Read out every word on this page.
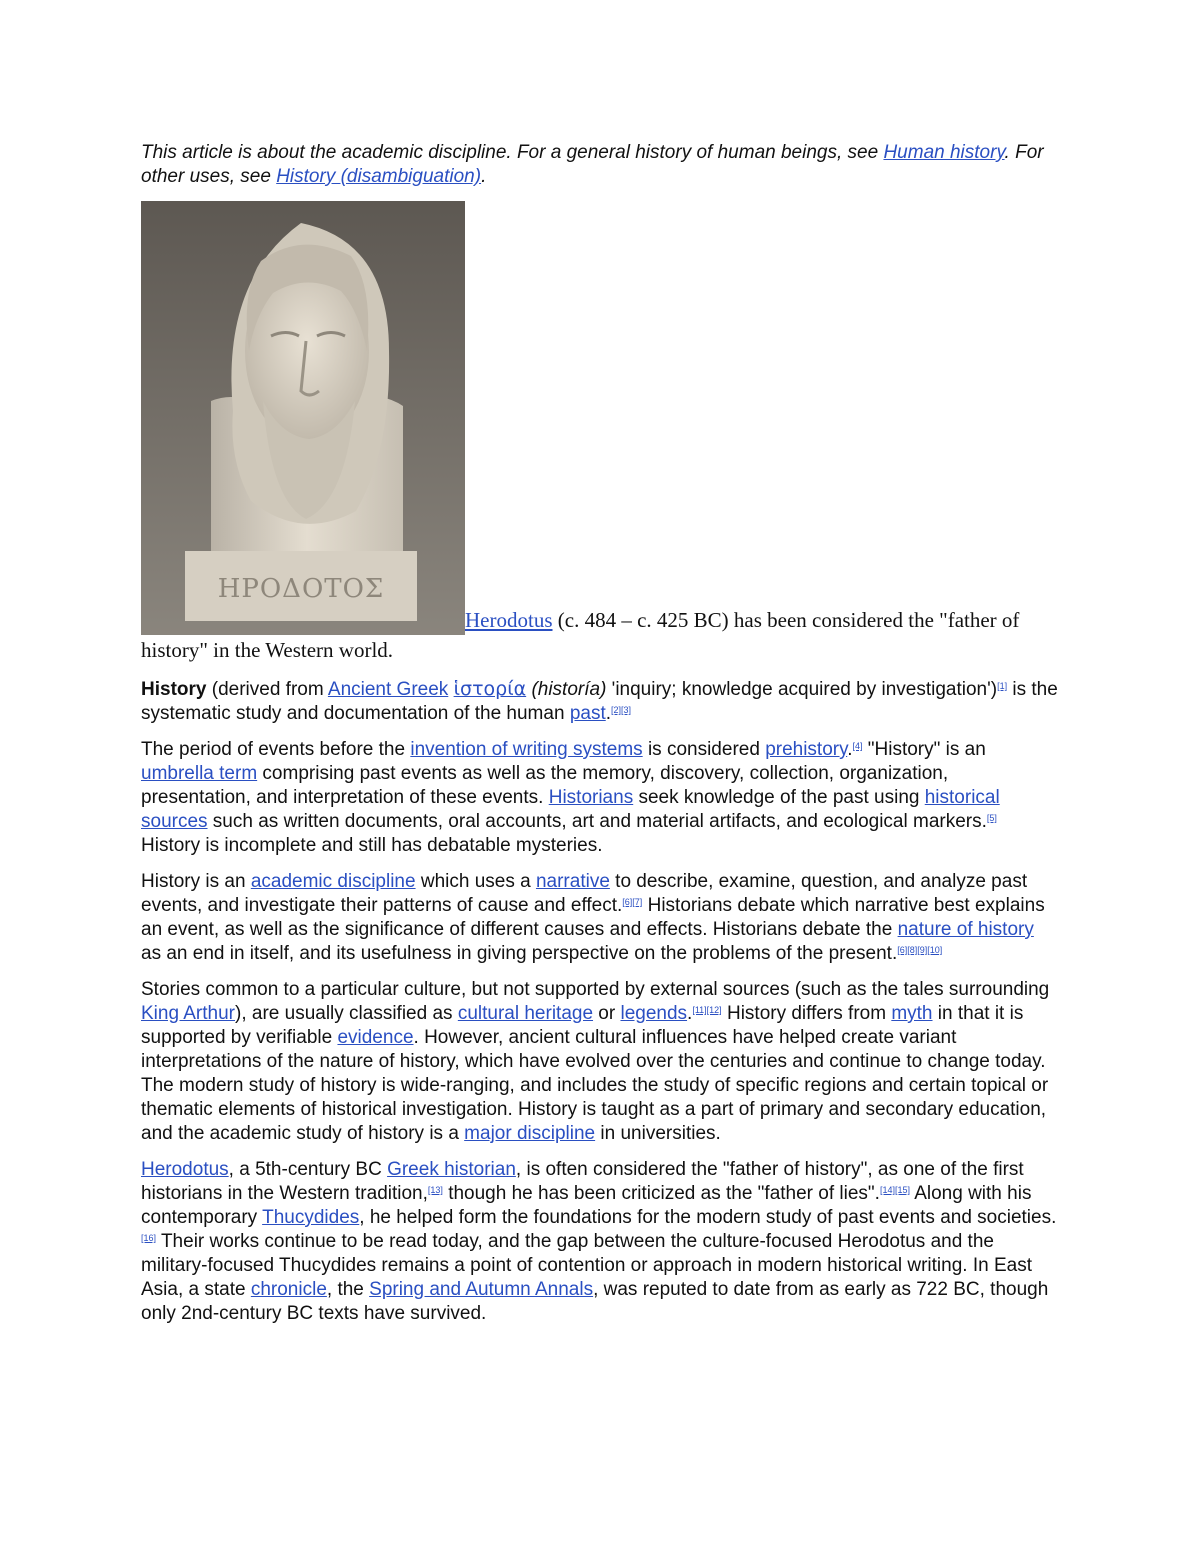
This article is about the academic discipline. For a general history of human beings, see Human history. For other uses, see History (disambiguation).
ΗΡΟΔΟΤΟΣ
Herodotus (c. 484 – c. 425 BC) has been considered the "father of history" in the Western world.

History (derived from Ancient Greek ἱστορία (historía) 'inquiry; knowledge acquired by investigation')[1] is the systematic study and documentation of the human past.[2][3]

The period of events before the invention of writing systems is considered prehistory.[4] "History" is an umbrella term comprising past events as well as the memory, discovery, collection, organization, presentation, and interpretation of these events. Historians seek knowledge of the past using historical sources such as written documents, oral accounts, art and material artifacts, and ecological markers.[5] History is incomplete and still has debatable mysteries.

History is an academic discipline which uses a narrative to describe, examine, question, and analyze past events, and investigate their patterns of cause and effect.[6][7] Historians debate which narrative best explains an event, as well as the significance of different causes and effects. Historians debate the nature of history as an end in itself, and its usefulness in giving perspective on the problems of the present.[6][8][9][10]

Stories common to a particular culture, but not supported by external sources (such as the tales surrounding King Arthur), are usually classified as cultural heritage or legends.[11][12] History differs from myth in that it is supported by verifiable evidence. However, ancient cultural influences have helped create variant interpretations of the nature of history, which have evolved over the centuries and continue to change today. The modern study of history is wide-ranging, and includes the study of specific regions and certain topical or thematic elements of historical investigation. History is taught as a part of primary and secondary education, and the academic study of history is a major discipline in universities.

Herodotus, a 5th-century BC Greek historian, is often considered the "father of history", as one of the first historians in the Western tradition,[13] though he has been criticized as the "father of lies".[14][15] Along with his contemporary Thucydides, he helped form the foundations for the modern study of past events and societies.[16] Their works continue to be read today, and the gap between the culture-focused Herodotus and the military-focused Thucydides remains a point of contention or approach in modern historical writing. In East Asia, a state chronicle, the Spring and Autumn Annals, was reputed to date from as early as 722 BC, though only 2nd-century BC texts have survived.
